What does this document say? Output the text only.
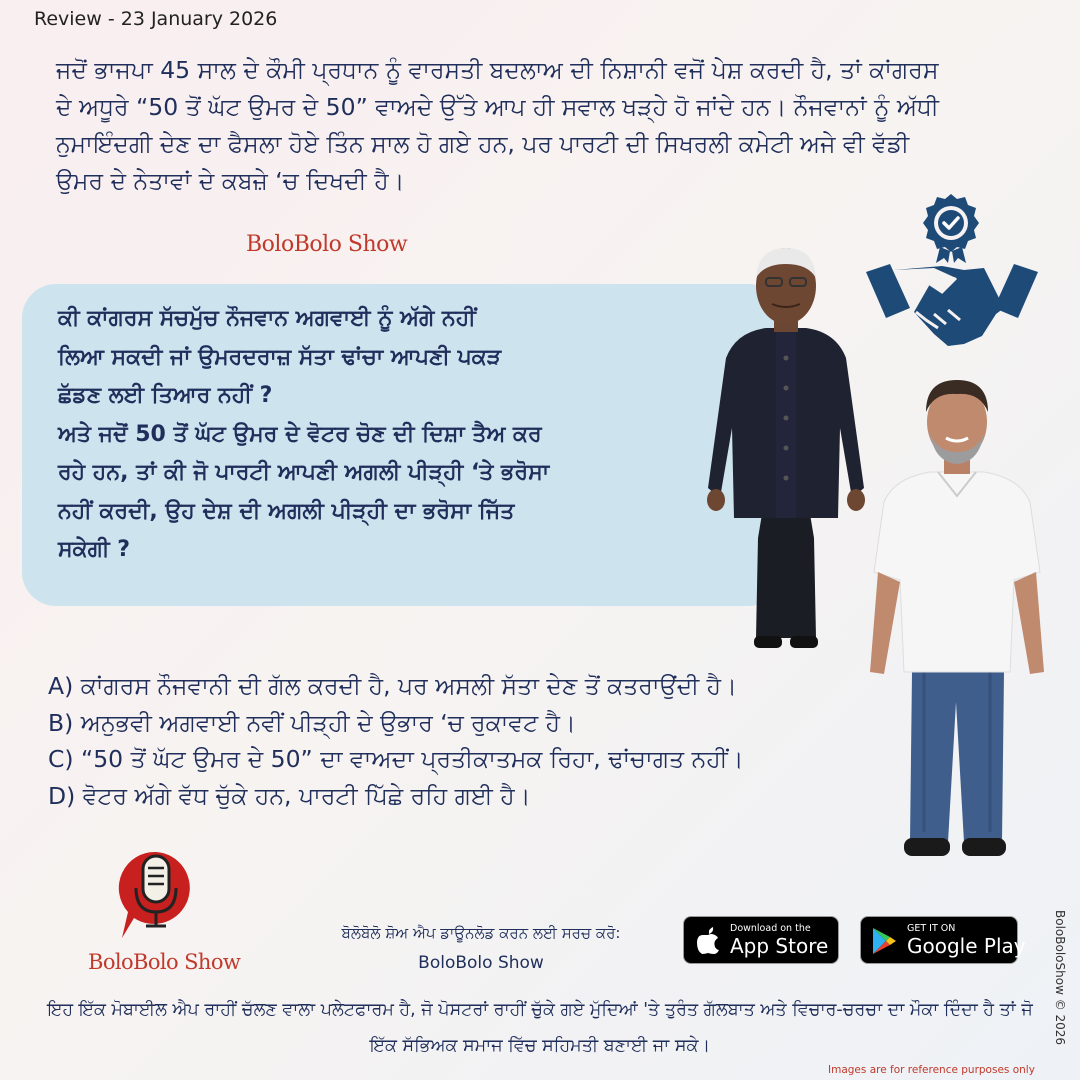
Review - 23 January 2026
ਜਦੋਂ ਭਾਜਪਾ 45 ਸਾਲ ਦੇ ਕੌਮੀ ਪ੍ਰਧਾਨ ਨੂੰ ਵਾਰਸਤੀ ਬਦਲਾਅ ਦੀ ਨਿਸ਼ਾਨੀ ਵਜੋਂ ਪੇਸ਼ ਕਰਦੀ ਹੈ, ਤਾਂ ਕਾਂਗਰਸ ਦੇ ਅਧੂਰੇ “50 ਤੋਂ ਘੱਟ ਉਮਰ ਦੇ 50” ਵਾਅਦੇ ਉੱਤੇ ਆਪ ਹੀ ਸਵਾਲ ਖੜ੍ਹੇ ਹੋ ਜਾਂਦੇ ਹਨ। ਨੌਜਵਾਨਾਂ ਨੂੰ ਅੱਧੀ ਨੁਮਾਇੰਦਗੀ ਦੇਣ ਦਾ ਫੈਸਲਾ ਹੋਏ ਤਿੰਨ ਸਾਲ ਹੋ ਗਏ ਹਨ, ਪਰ ਪਾਰਟੀ ਦੀ ਸਿਖਰਲੀ ਕਮੇਟੀ ਅਜੇ ਵੀ ਵੱਡੀ ਉਮਰ ਦੇ ਨੇਤਾਵਾਂ ਦੇ ਕਬਜ਼ੇ ‘ਚ ਦਿਖਦੀ ਹੈ।
BoloBolo Show
ਕੀ ਕਾਂਗਰਸ ਸੱਚਮੁੱਚ ਨੌਜਵਾਨ ਅਗਵਾਈ ਨੂੰ ਅੱਗੇ ਨਹੀਂ
ਲਿਆ ਸਕਦੀ ਜਾਂ ਉਮਰਦਰਾਜ਼ ਸੱਤਾ ਢਾਂਚਾ ਆਪਣੀ ਪਕੜ
ਛੱਡਣ ਲਈ ਤਿਆਰ ਨਹੀਂ ?
ਅਤੇ ਜਦੋਂ 50 ਤੋਂ ਘੱਟ ਉਮਰ ਦੇ ਵੋਟਰ ਚੋਣ ਦੀ ਦਿਸ਼ਾ ਤੈਅ ਕਰ
ਰਹੇ ਹਨ, ਤਾਂ ਕੀ ਜੋ ਪਾਰਟੀ ਆਪਣੀ ਅਗਲੀ ਪੀੜ੍ਹੀ ‘ਤੇ ਭਰੋਸਾ
ਨਹੀਂ ਕਰਦੀ, ਉਹ ਦੇਸ਼ ਦੀ ਅਗਲੀ ਪੀੜ੍ਹੀ ਦਾ ਭਰੋਸਾ ਜਿੱਤ
ਸਕੇਗੀ ?
A) ਕਾਂਗਰਸ ਨੌਜਵਾਨੀ ਦੀ ਗੱਲ ਕਰਦੀ ਹੈ, ਪਰ ਅਸਲੀ ਸੱਤਾ ਦੇਣ ਤੋਂ ਕਤਰਾਉਂਦੀ ਹੈ।
B) ਅਨੁਭਵੀ ਅਗਵਾਈ ਨਵੀਂ ਪੀੜ੍ਹੀ ਦੇ ਉਭਾਰ ‘ਚ ਰੁਕਾਵਟ ਹੈ।
C) “50 ਤੋਂ ਘੱਟ ਉਮਰ ਦੇ 50” ਦਾ ਵਾਅਦਾ ਪ੍ਰਤੀਕਾਤਮਕ ਰਿਹਾ, ਢਾਂਚਾਗਤ ਨਹੀਂ।
D) ਵੋਟਰ ਅੱਗੇ ਵੱਧ ਚੁੱਕੇ ਹਨ, ਪਾਰਟੀ ਪਿੱਛੇ ਰਹਿ ਗਈ ਹੈ।
BoloBolo Show
ਬੋਲੋਬੋਲੋ ਸ਼ੋਅ ਐਪ ਡਾਊਨਲੋਡ ਕਰਨ ਲਈ ਸਰਚ ਕਰੋ:
BoloBolo Show
Download on the
App Store
GET IT ON
Google Play
ਇਹ ਇੱਕ ਮੋਬਾਈਲ ਐਪ ਰਾਹੀਂ ਚੱਲਣ ਵਾਲਾ ਪਲੇਟਫਾਰਮ ਹੈ, ਜੋ ਪੋਸਟਰਾਂ ਰਾਹੀਂ ਚੁੱਕੇ ਗਏ ਮੁੱਦਿਆਂ 'ਤੇ ਤੁਰੰਤ ਗੱਲਬਾਤ ਅਤੇ ਵਿਚਾਰ-ਚਰਚਾ ਦਾ ਮੌਕਾ ਦਿੰਦਾ ਹੈ ਤਾਂ ਜੋ ਇੱਕ ਸੱਭਿਅਕ ਸਮਾਜ ਵਿੱਚ ਸਹਿਮਤੀ ਬਣਾਈ ਜਾ ਸਕੇ।
BoloBoloShow © 2026
Images are for reference purposes only
